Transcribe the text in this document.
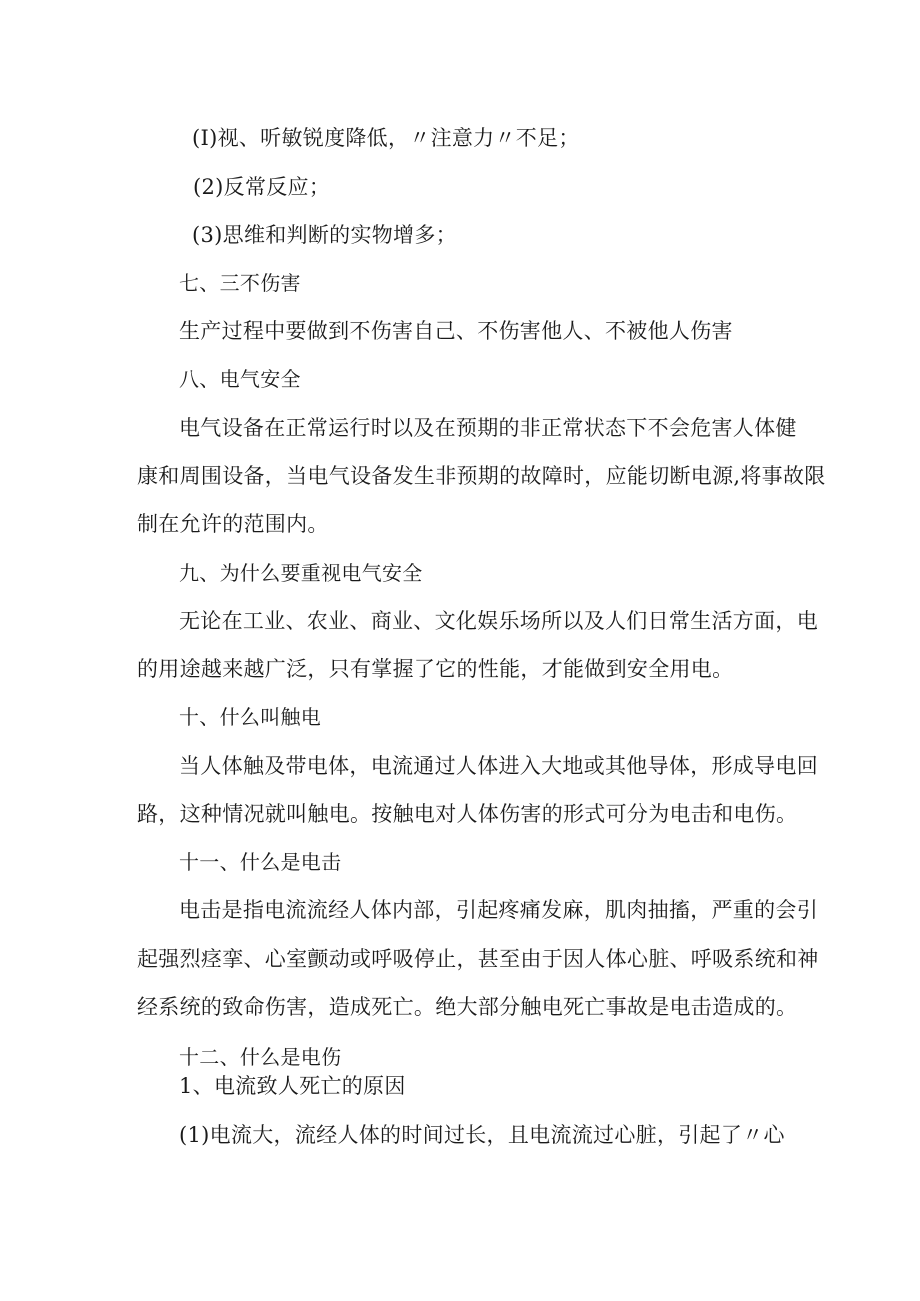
(I)视、听敏锐度降低，〃注意力〃不足；
(2)反常反应；
(3)思维和判断的实物增多；
七、三不伤害
生产过程中要做到不伤害自己、不伤害他人、不被他人伤害
八、电气安全
电气设备在正常运行时以及在预期的非正常状态下不会危害人体健
康和周围设备，当电气设备发生非预期的故障时，应能切断电源,将事故限
制在允许的范围内。
九、为什么要重视电气安全
无论在工业、农业、商业、文化娱乐场所以及人们日常生活方面，电
的用途越来越广泛，只有掌握了它的性能，才能做到安全用电。
十、什么叫触电
当人体触及带电体，电流通过人体进入大地或其他导体，形成导电回
路，这种情况就叫触电。按触电对人体伤害的形式可分为电击和电伤。
十一、什么是电击
电击是指电流流经人体内部，引起疼痛发麻，肌肉抽搐，严重的会引
起强烈痉挛、心室颤动或呼吸停止，甚至由于因人体心脏、呼吸系统和神
经系统的致命伤害，造成死亡。绝大部分触电死亡事故是电击造成的。
十二、什么是电伤
1、电流致人死亡的原因
(1)电流大，流经人体的时间过长，且电流流过心脏，引起了〃心
